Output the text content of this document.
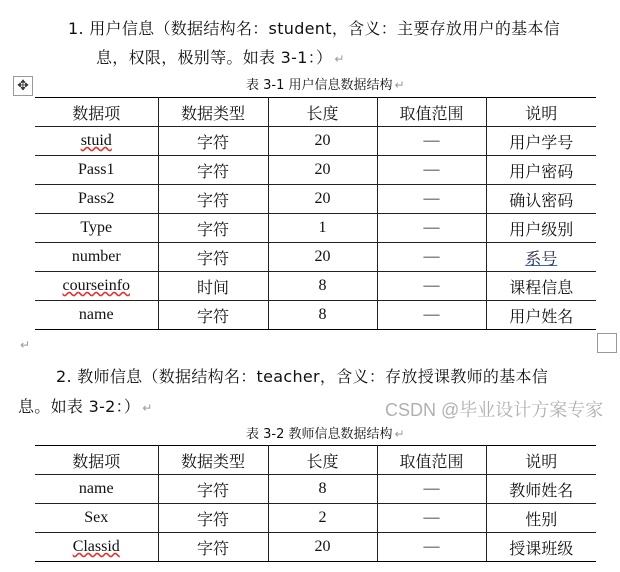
1. 用户信息（数据结构名：student，含义：主要存放用户的基本信
息，权限，极别等。如表 3-1：） ↵
✥	表 3-1 用户信息数据结构 ↵
数据项	数据类型	长度	取值范围	说明
stuid	字符	20	—	用户学号
Pass1	字符	20	—	用户密码
Pass2	字符	20	—	确认密码
Type	字符	1	—	用户级别
number	字符	20	—	系号
courseinfo	时间	8	—	课程信息
name	字符	8	—	用户姓名
↵
2. 教师信息（数据结构名：teacher，含义：存放授课教师的基本信
息。如表 3-2：） ↵
表 3-2 教师信息数据结构 ↵
数据项	数据类型	长度	取值范围	说明
name	字符	8	—	教师姓名
Sex	字符	2	—	性别
Classid	字符	20	—	授课班级
CSDN @毕业设计方案专家
